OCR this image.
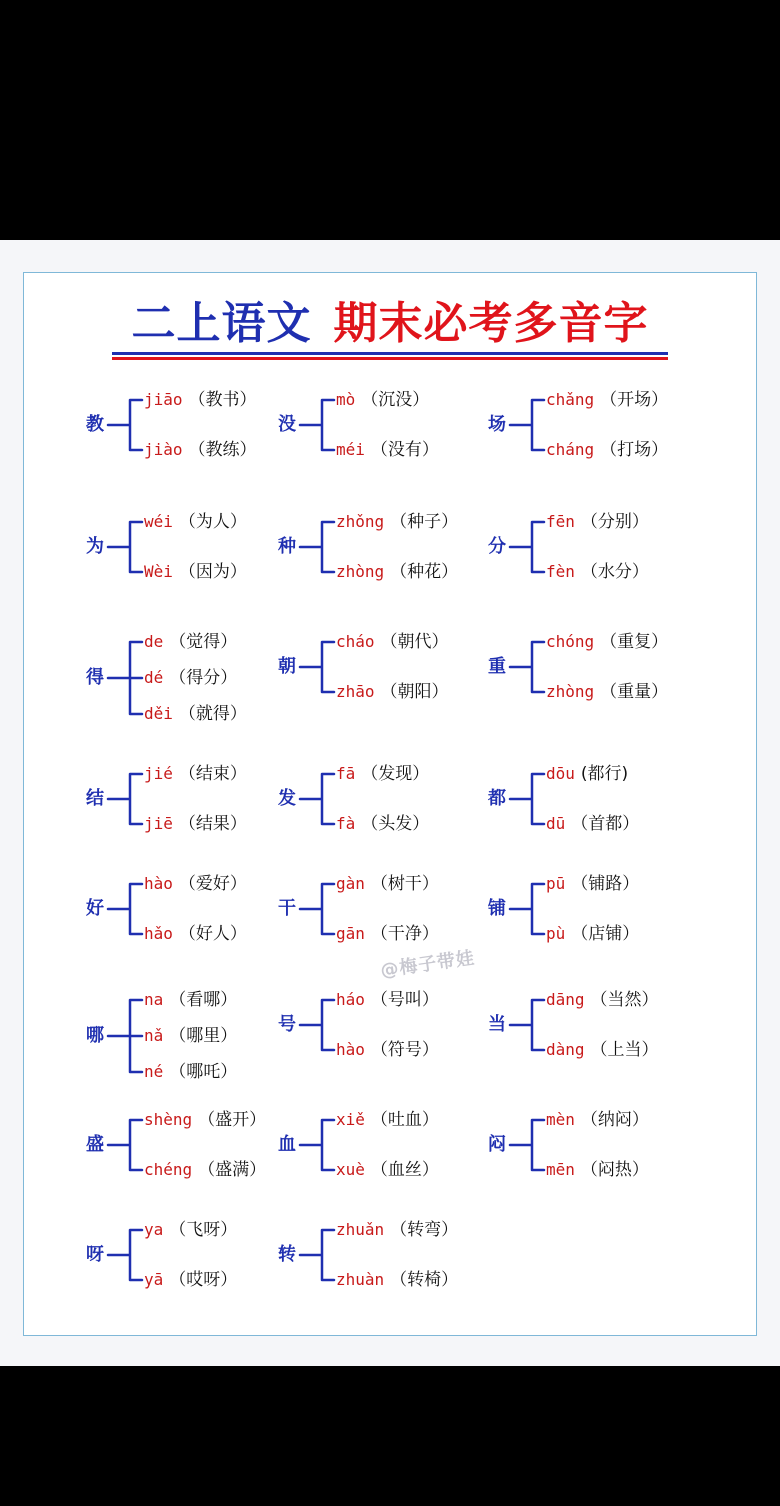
二上语文 期末必考多音字
教
jiāo （教书）
jiào （教练）
没
mò （沉没）
méi （没有）
场
chǎng （开场）
cháng （打场）
为
wéi （为人）
Wèi （因为）
种
zhǒng （种子）
zhòng （种花）
分
fēn （分别）
fèn （水分）
得
de （觉得）
dé （得分）
děi （就得）
朝
cháo （朝代）
zhāo （朝阳）
重
chóng （重复）
zhòng （重量）
结
jié （结束）
jiē （结果）
发
fā （发现）
fà （头发）
都
dōu (都行)
dū （首都）
好
hào （爱好）
hǎo （好人）
干
gàn （树干）
gān （干净）
铺
pū （铺路）
pù （店铺）
哪
na （看哪）
nǎ （哪里）
né （哪吒）
号
háo （号叫）
hào （符号）
当
dāng （当然）
dàng （上当）
盛
shèng （盛开）
chéng （盛满）
血
xiě （吐血）
xuè （血丝）
闷
mèn （纳闷）
mēn （闷热）
呀
ya （飞呀）
yā （哎呀）
转
zhuǎn （转弯）
zhuàn （转椅）
@梅子带娃
